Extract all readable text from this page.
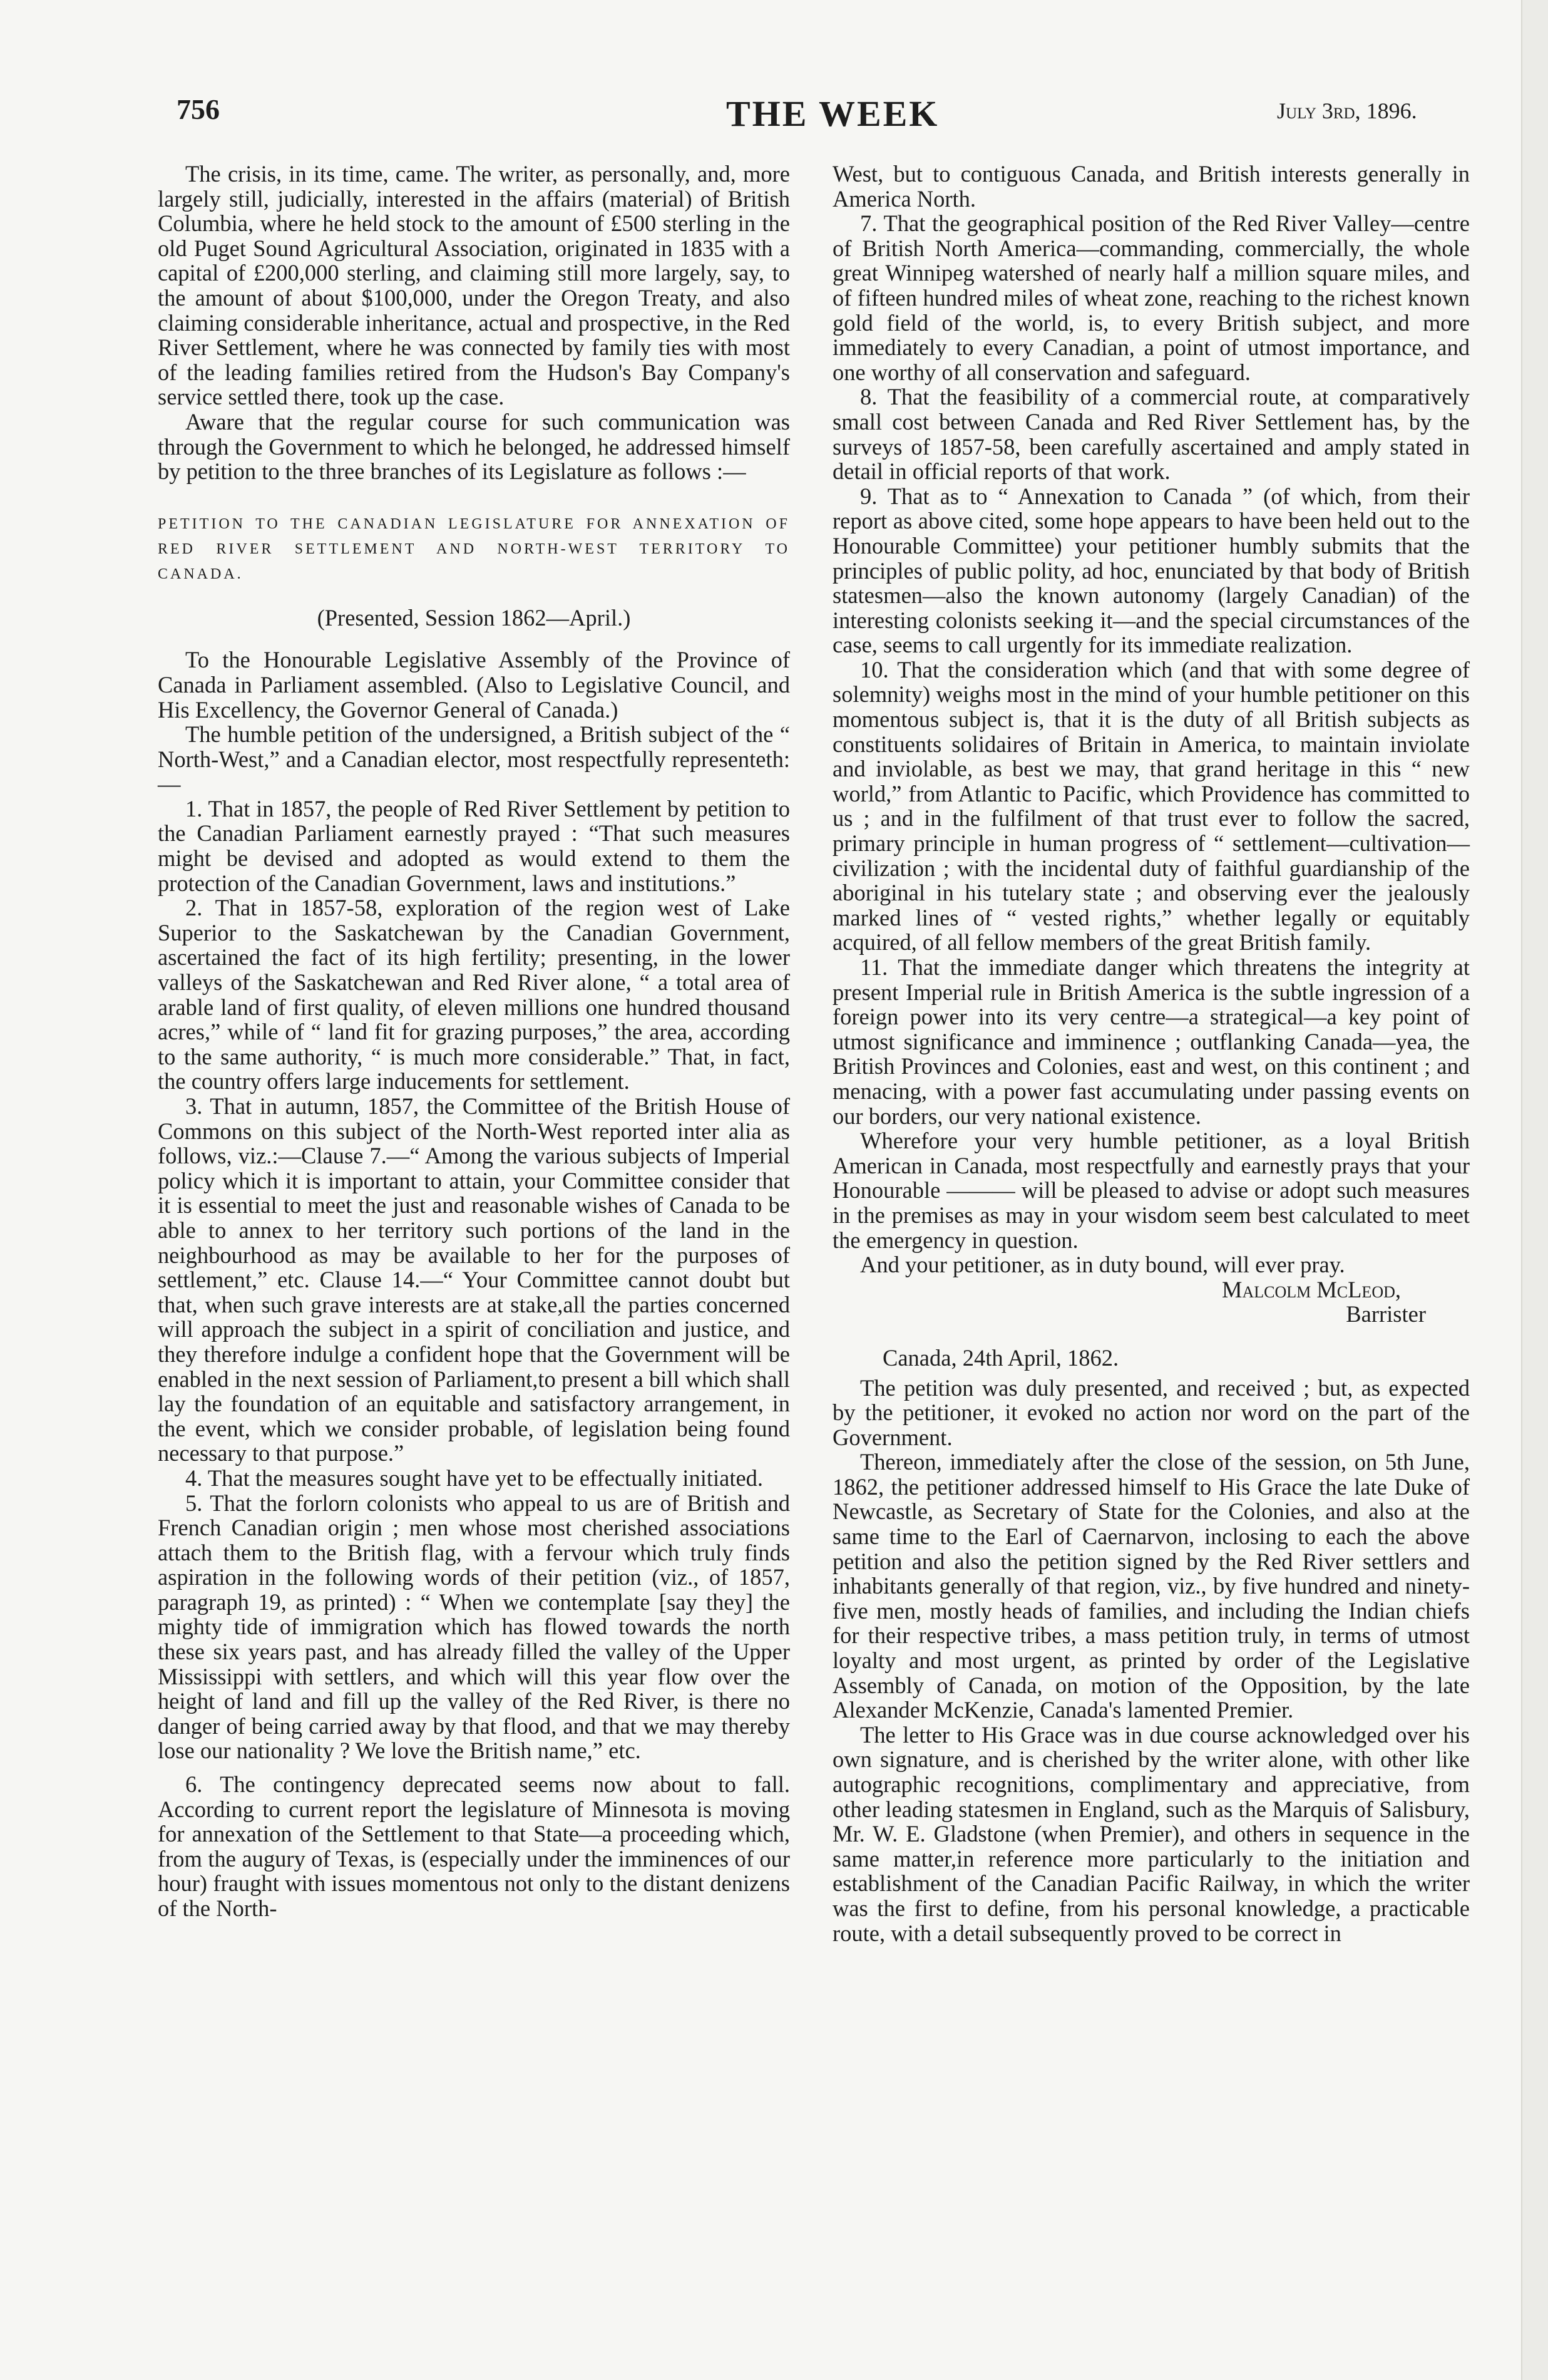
756	THE WEEK	July 3rd, 1896.

The crisis, in its time, came. The writer, as personally, and, more largely still, judicially, interested in the affairs (material) of British Columbia, where he held stock to the amount of £500 sterling in the old Puget Sound Agricultural Association, originated in 1835 with a capital of £200,000 sterling, and claiming still more largely, say, to the amount of about $100,000, under the Oregon Treaty, and also claiming considerable inheritance, actual and prospective, in the Red River Settlement, where he was connected by family ties with most of the leading families retired from the Hudson's Bay Company's service settled there, took up the case.

Aware that the regular course for such communication was through the Government to which he belonged, he addressed himself by petition to the three branches of its Legislature as follows :—

PETITION TO THE CANADIAN LEGISLATURE FOR ANNEXATION OF RED RIVER SETTLEMENT AND NORTH-WEST TERRITORY TO CANADA.

(Presented, Session 1862—April.)

To the Honourable Legislative Assembly of the Province of Canada in Parliament assembled. (Also to Legislative Council, and His Excellency, the Governor General of Canada.)

The humble petition of the undersigned, a British subject of the “ North-West,” and a Canadian elector, most respectfully representeth:—

1. That in 1857, the people of Red River Settlement by petition to the Canadian Parliament earnestly prayed : “That such measures might be devised and adopted as would extend to them the protection of the Canadian Government, laws and institutions.”

2. That in 1857-58, exploration of the region west of Lake Superior to the Saskatchewan by the Canadian Government, ascertained the fact of its high fertility; presenting, in the lower valleys of the Saskatchewan and Red River alone, “ a total area of arable land of first quality, of eleven millions one hundred thousand acres,” while of “ land fit for grazing purposes,” the area, according to the same authority, “ is much more considerable.” That, in fact, the country offers large inducements for settlement.

3. That in autumn, 1857, the Committee of the British House of Commons on this subject of the North-West reported inter alia as follows, viz.:—Clause 7.—“ Among the various subjects of Imperial policy which it is important to attain, your Committee consider that it is essential to meet the just and reasonable wishes of Canada to be able to annex to her territory such portions of the land in the neighbourhood as may be available to her for the purposes of settlement,” etc. Clause 14.—“ Your Committee cannot doubt but that, when such grave interests are at stake,all the parties concerned will approach the subject in a spirit of conciliation and justice, and they therefore indulge a confident hope that the Government will be enabled in the next session of Parliament,to present a bill which shall lay the foundation of an equitable and satisfactory arrangement, in the event, which we consider probable, of legislation being found necessary to that purpose.”

4. That the measures sought have yet to be effectually initiated.

5. That the forlorn colonists who appeal to us are of British and French Canadian origin ; men whose most cherished associations attach them to the British flag, with a fervour which truly finds aspiration in the following words of their petition (viz., of 1857, paragraph 19, as printed) : “ When we contemplate [say they] the mighty tide of immigration which has flowed towards the north these six years past, and has already filled the valley of the Upper Mississippi with settlers, and which will this year flow over the height of land and fill up the valley of the Red River, is there no danger of being carried away by that flood, and that we may thereby lose our nationality ? We love the British name,” etc.

6. The contingency deprecated seems now about to fall. According to current report the legislature of Minnesota is moving for annexation of the Settlement to that State—a proceeding which, from the augury of Texas, is (especially under the imminences of our hour) fraught with issues momentous not only to the distant denizens of the North-

West, but to contiguous Canada, and British interests generally in America North.

7. That the geographical position of the Red River Valley—centre of British North America—commanding, commercially, the whole great Winnipeg watershed of nearly half a million square miles, and of fifteen hundred miles of wheat zone, reaching to the richest known gold field of the world, is, to every British subject, and more immediately to every Canadian, a point of utmost importance, and one worthy of all conservation and safeguard.

8. That the feasibility of a commercial route, at comparatively small cost between Canada and Red River Settlement has, by the surveys of 1857-58, been carefully ascertained and amply stated in detail in official reports of that work.

9. That as to “ Annexation to Canada ” (of which, from their report as above cited, some hope appears to have been held out to the Honourable Committee) your petitioner humbly submits that the principles of public polity, ad hoc, enunciated by that body of British statesmen—also the known autonomy (largely Canadian) of the interesting colonists seeking it—and the special circumstances of the case, seems to call urgently for its immediate realization.

10. That the consideration which (and that with some degree of solemnity) weighs most in the mind of your humble petitioner on this momentous subject is, that it is the duty of all British subjects as constituents solidaires of Britain in America, to maintain inviolate and inviolable, as best we may, that grand heritage in this “ new world,” from Atlantic to Pacific, which Providence has committed to us ; and in the fulfilment of that trust ever to follow the sacred, primary principle in human progress of “ settlement—cultivation—civilization ; with the incidental duty of faithful guardianship of the aboriginal in his tutelary state ; and observing ever the jealously marked lines of “ vested rights,” whether legally or equitably acquired, of all fellow members of the great British family.

11. That the immediate danger which threatens the integrity at present Imperial rule in British America is the subtle ingression of a foreign power into its very centre—a strategical—a key point of utmost significance and imminence ; outflanking Canada—yea, the British Provinces and Colonies, east and west, on this continent ; and menacing, with a power fast accumulating under passing events on our borders, our very national existence.

Wherefore your very humble petitioner, as a loyal British American in Canada, most respectfully and earnestly prays that your Honourable ——— will be pleased to advise or adopt such measures in the premises as may in your wisdom seem best calculated to meet the emergency in question.

And your petitioner, as in duty bound, will ever pray.

Malcolm McLeod,

Barrister

Canada, 24th April, 1862.

The petition was duly presented, and received ; but, as expected by the petitioner, it evoked no action nor word on the part of the Government.

Thereon, immediately after the close of the session, on 5th June, 1862, the petitioner addressed himself to His Grace the late Duke of Newcastle, as Secretary of State for the Colonies, and also at the same time to the Earl of Caernarvon, inclosing to each the above petition and also the petition signed by the Red River settlers and inhabitants generally of that region, viz., by five hundred and ninety-five men, mostly heads of families, and including the Indian chiefs for their respective tribes, a mass petition truly, in terms of utmost loyalty and most urgent, as printed by order of the Legislative Assembly of Canada, on motion of the Opposition, by the late Alexander McKenzie, Canada's lamented Premier.

The letter to His Grace was in due course acknowledged over his own signature, and is cherished by the writer alone, with other like autographic recognitions, complimentary and appreciative, from other leading statesmen in England, such as the Marquis of Salisbury, Mr. W. E. Gladstone (when Premier), and others in sequence in the same matter,in reference more particularly to the initiation and establishment of the Canadian Pacific Railway, in which the writer was the first to define, from his personal knowledge, a practicable route, with a detail subsequently proved to be correct in
